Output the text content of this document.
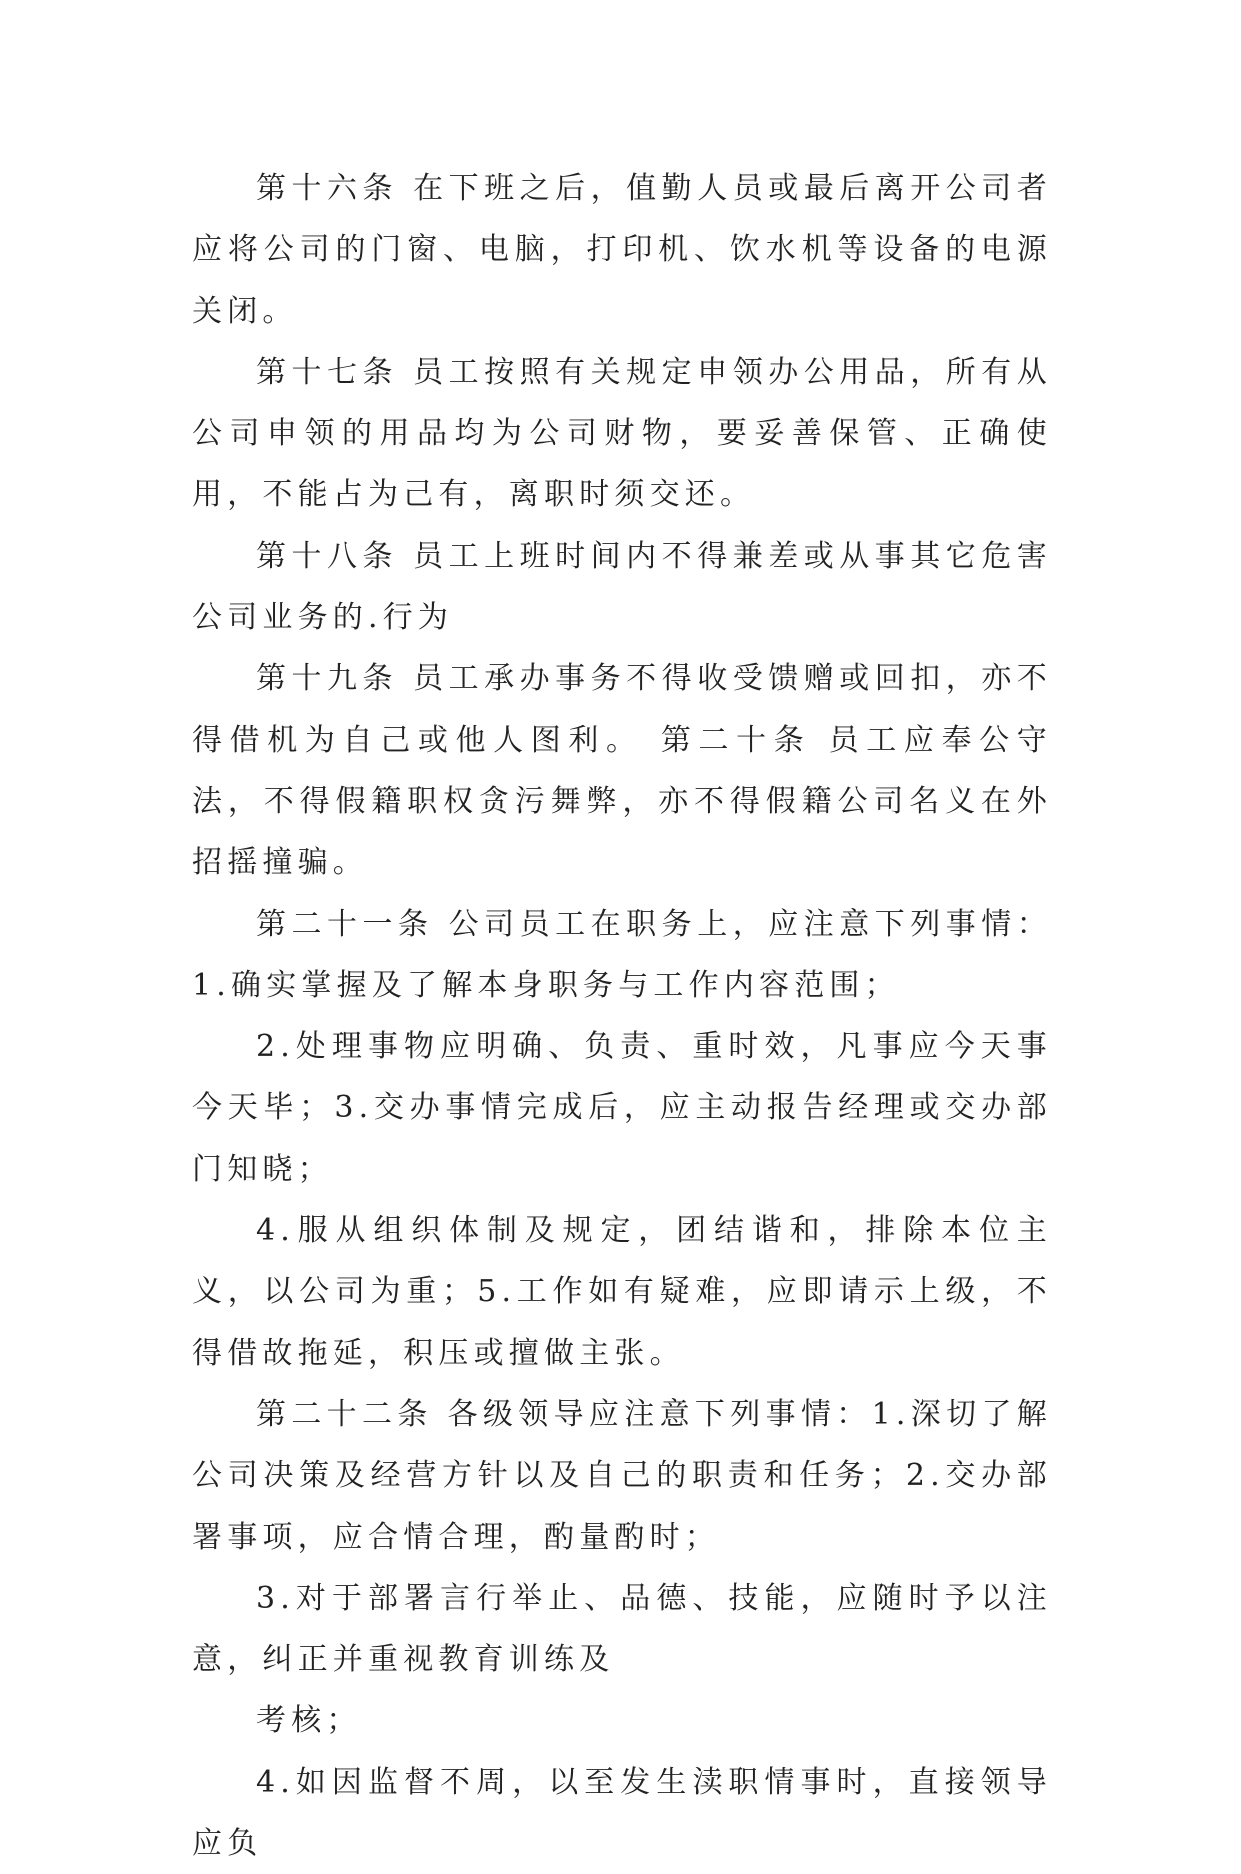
第十六条 在下班之后，值勤人员或最后离开公司者应将公司的门窗、电脑，打印机、饮水机等设备的电源关闭。

第十七条 员工按照有关规定申领办公用品，所有从公司申领的用品均为公司财物，要妥善保管、正确使用，不能占为己有，离职时须交还。

第十八条 员工上班时间内不得兼差或从事其它危害公司业务的.行为

第十九条 员工承办事务不得收受馈赠或回扣，亦不得借机为自己或他人图利。 第二十条 员工应奉公守法，不得假籍职权贪污舞弊，亦不得假籍公司名义在外招摇撞骗。

第二十一条 公司员工在职务上，应注意下列事情：1.确实掌握及了解本身职务与工作内容范围；

2.处理事物应明确、负责、重时效，凡事应今天事今天毕；3.交办事情完成后，应主动报告经理或交办部门知晓；

4.服从组织体制及规定，团结谐和，排除本位主义，以公司为重；5.工作如有疑难，应即请示上级，不得借故拖延，积压或擅做主张。

第二十二条 各级领导应注意下列事情：1.深切了解公司决策及经营方针以及自己的职责和任务；2.交办部署事项，应合情合理，酌量酌时；

3.对于部署言行举止、品德、技能，应随时予以注意，纠正并重视教育训练及

考核；

4.如因监督不周，以至发生渎职情事时，直接领导应负
